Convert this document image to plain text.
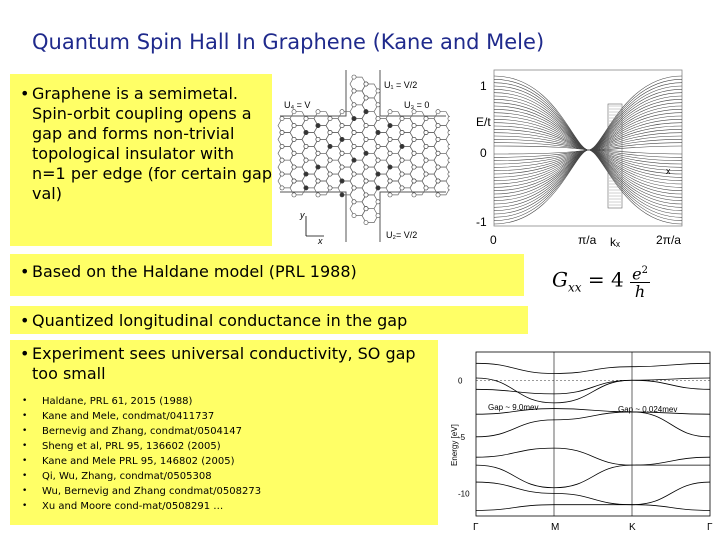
Quantum Spin Hall In Graphene (Kane and Mele)
• Graphene is a semimetal. Spin-orbit coupling opens a gap and forms non-trivial topological insulator with n=1 per edge (for certain gap val)
• Based on the Haldane model (PRL 1988)
• Quantized longitudinal conductance in the gap
• Experiment sees universal conductivity, SO gap too small
•	Haldane, PRL 61, 2015 (1988)
•	Kane and Mele, condmat/0411737
•	Bernevig and Zhang, condmat/0504147
•	Sheng et al, PRL 95, 136602 (2005)
•	Kane and Mele PRL 95, 146802 (2005)
•	Qi, Wu, Zhang, condmat/0505308
•	Wu, Bernevig and Zhang condmat/0508273
•	Xu and Moore cond-mat/0508291 …
U₁ = V/2
U₄ = V	U₃ = 0
U₂= V/2
y
x
x
E/t
1
0
-1
0	π/a kₓ	2π/a
$G_{xx} = 4 \frac{e^2}{h}$
Energy [eV]
0
-5
-10
Γ	M	K	Γ
Gap ~ 9.0mev	Gap ~ 0.024mev
